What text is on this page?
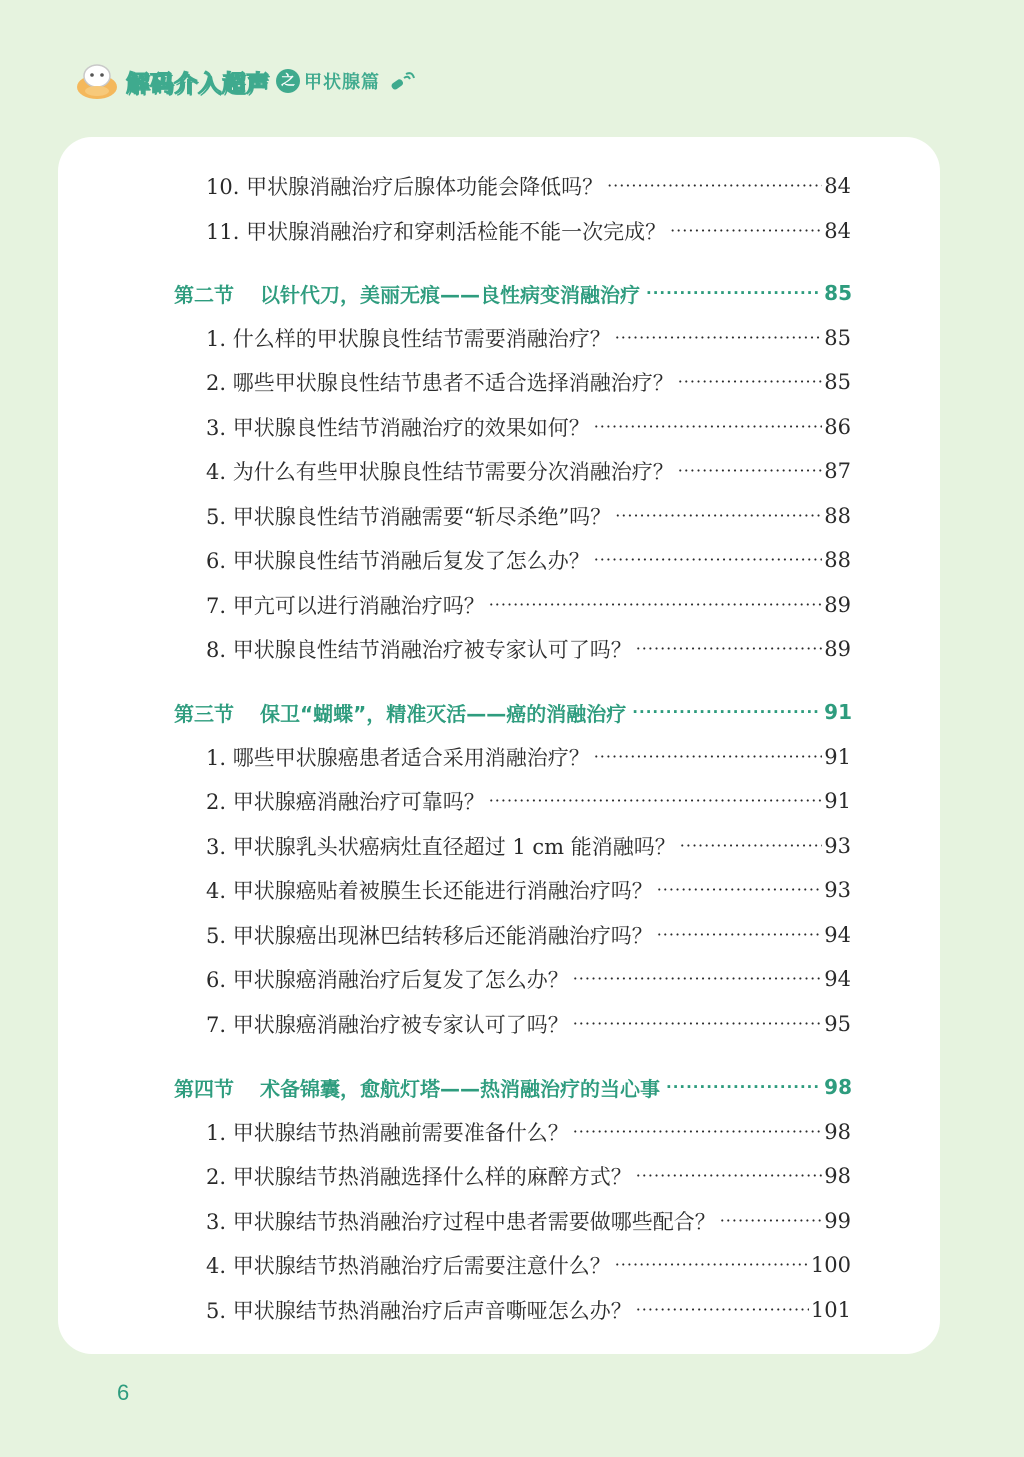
解码介入超声 之 甲状腺篇
10. 甲状腺消融治疗后腺体功能会降低吗？ ·····	84
11. 甲状腺消融治疗和穿刺活检能不能一次完成？ ·····	84
第二节 以针代刀，美丽无痕——良性病变消融治疗 ·····	85
1. 什么样的甲状腺良性结节需要消融治疗？ ·····	85
2. 哪些甲状腺良性结节患者不适合选择消融治疗？ ·····	85
3. 甲状腺良性结节消融治疗的效果如何？ ·····	86
4. 为什么有些甲状腺良性结节需要分次消融治疗？ ·····	87
5. 甲状腺良性结节消融需要“斩尽杀绝”吗？ ·····	88
6. 甲状腺良性结节消融后复发了怎么办？ ·····	88
7. 甲亢可以进行消融治疗吗？ ·····	89
8. 甲状腺良性结节消融治疗被专家认可了吗？ ·····	89
第三节 保卫“蝴蝶”，精准灭活——癌的消融治疗 ·····	91
1. 哪些甲状腺癌患者适合采用消融治疗？ ·····	91
2. 甲状腺癌消融治疗可靠吗？ ·····	91
3. 甲状腺乳头状癌病灶直径超过 1 cm 能消融吗？ ·····	93
4. 甲状腺癌贴着被膜生长还能进行消融治疗吗？ ·····	93
5. 甲状腺癌出现淋巴结转移后还能消融治疗吗？ ·····	94
6. 甲状腺癌消融治疗后复发了怎么办？ ·····	94
7. 甲状腺癌消融治疗被专家认可了吗？ ·····	95
第四节 术备锦囊，愈航灯塔——热消融治疗的当心事 ·····	98
1. 甲状腺结节热消融前需要准备什么？ ·····	98
2. 甲状腺结节热消融选择什么样的麻醉方式？ ·····	98
3. 甲状腺结节热消融治疗过程中患者需要做哪些配合？ ·····	99
4. 甲状腺结节热消融治疗后需要注意什么？ ·····	100
5. 甲状腺结节热消融治疗后声音嘶哑怎么办？ ·····	101
6
